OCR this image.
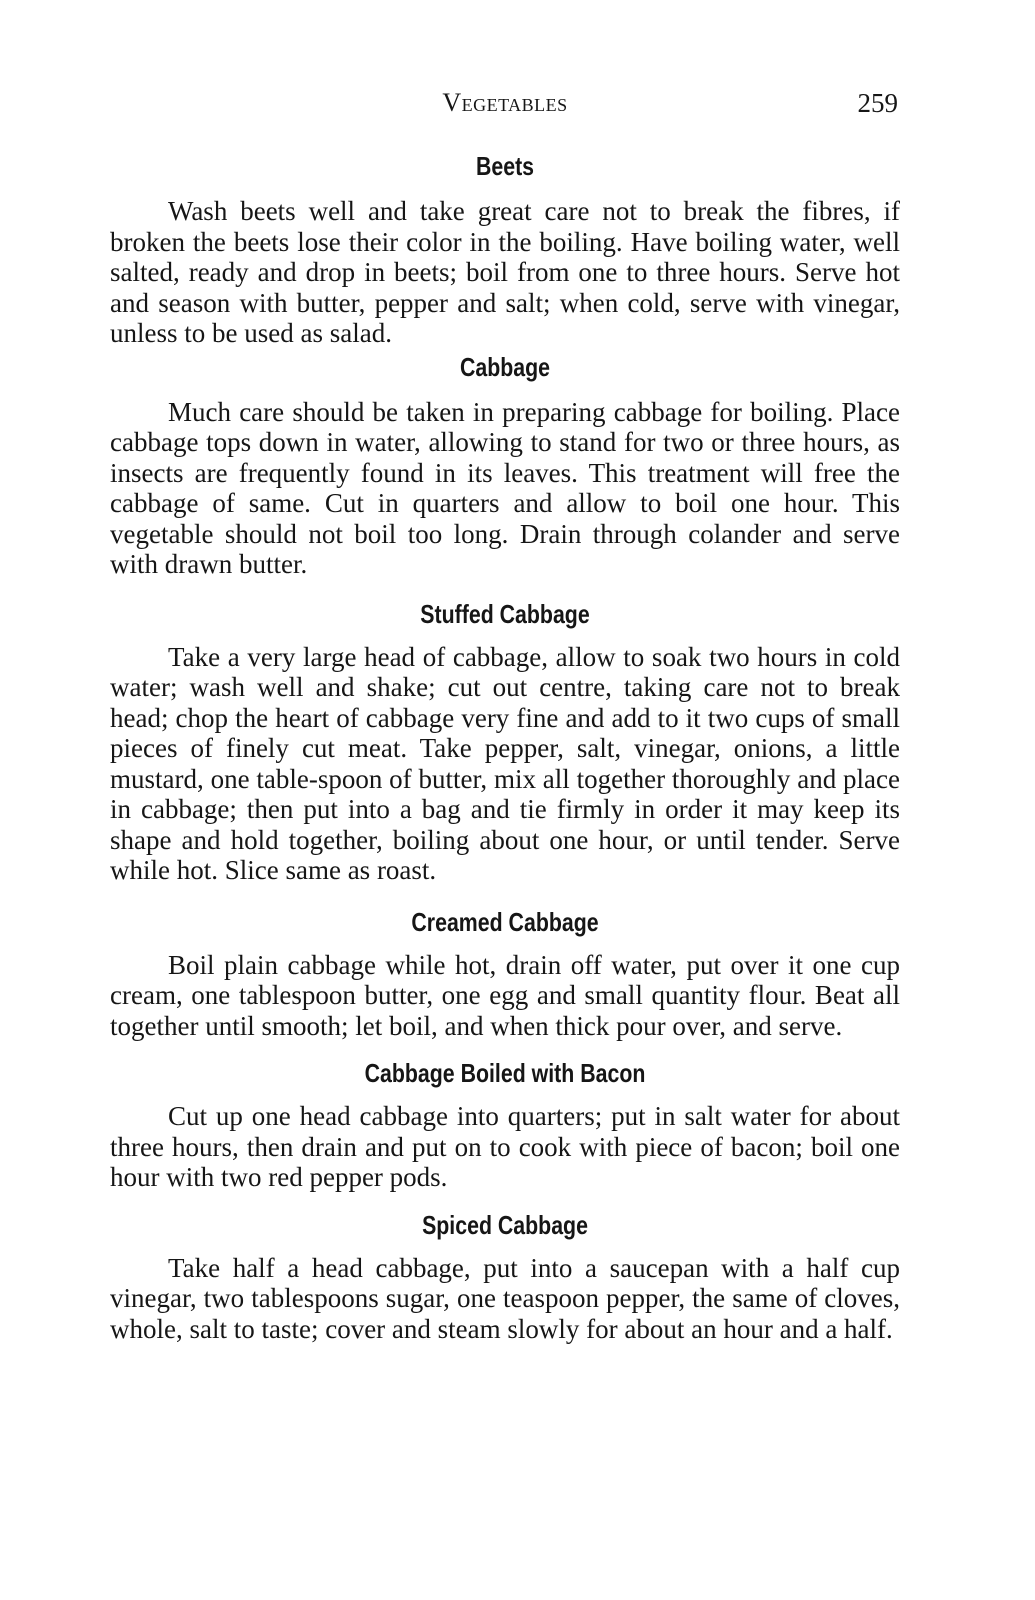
Vegetables	259
Beets

Wash beets well and take great care not to break the fibres, if broken the beets lose their color in the boiling. Have boiling water, well salted, ready and drop in beets; boil from one to three hours. Serve hot and season with butter, pepper and salt; when cold, serve with vinegar, unless to be used as salad.

Cabbage

Much care should be taken in preparing cabbage for boiling. Place cabbage tops down in water, allowing to stand for two or three hours, as insects are frequently found in its leaves. This treatment will free the cabbage of same. Cut in quarters and allow to boil one hour. This vegetable should not boil too long. Drain through colander and serve with drawn butter.

Stuffed Cabbage

Take a very large head of cabbage, allow to soak two hours in cold water; wash well and shake; cut out centre, taking care not to break head; chop the heart of cabbage very fine and add to it two cups of small pieces of finely cut meat. Take pepper, salt, vinegar, onions, a little mustard, one table-spoon of butter, mix all together thoroughly and place in cabbage; then put into a bag and tie firmly in order it may keep its shape and hold together, boiling about one hour, or until tender. Serve while hot. Slice same as roast.

Creamed Cabbage

Boil plain cabbage while hot, drain off water, put over it one cup cream, one tablespoon butter, one egg and small quantity flour. Beat all together until smooth; let boil, and when thick pour over, and serve.

Cabbage Boiled with Bacon

Cut up one head cabbage into quarters; put in salt water for about three hours, then drain and put on to cook with piece of bacon; boil one hour with two red pepper pods.

Spiced Cabbage

Take half a head cabbage, put into a saucepan with a half cup vinegar, two tablespoons sugar, one teaspoon pepper, the same of cloves, whole, salt to taste; cover and steam slowly for about an hour and a half.
